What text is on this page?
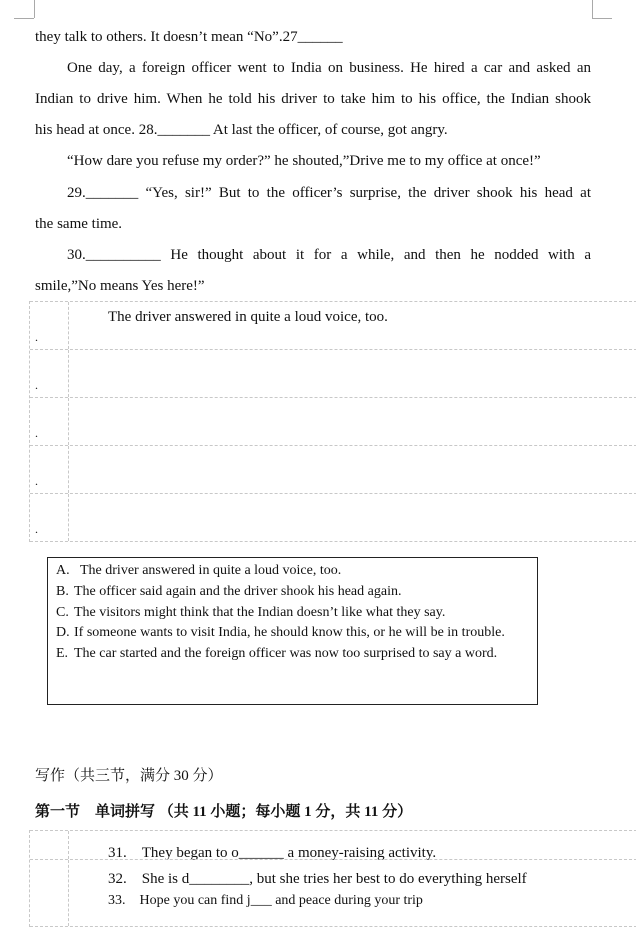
they talk to others. It doesn’t mean “No”.27______
One day, a foreign officer went to India on business. He hired a car and asked an
Indian to drive him. When he told his driver to take him to his office, the Indian shook
his head at once. 28._______ At last the officer, of course, got angry.
“How dare you refuse my order?” he shouted,”Drive me to my office at once!”
29._______ “Yes, sir!” But to the officer’s surprise, the driver shook his head at
the same time.
30.__________ He thought about it for a while, and then he nodded with a
smile,”No means Yes here!”
.
The driver answered in quite a loud voice, too.
.
.
.
.
A. The driver answered in quite a loud voice, too.
B. The officer said again and the driver shook his head again.
C. The visitors might think that the Indian doesn’t like what they say.
D. If someone wants to visit India, he should know this, or he will be in trouble.
E. The car started and the foreign officer was now too surprised to say a word.
写作（共三节，满分 30 分）
第一节　单词拼写 （共 11 小题；每小题 1 分，共 11 分）
31.　They began to o______ a money-raising activity.
32.　She is d________, but she tries her best to do everything herself
33.　Hope you can find j___ and peace during your trip
